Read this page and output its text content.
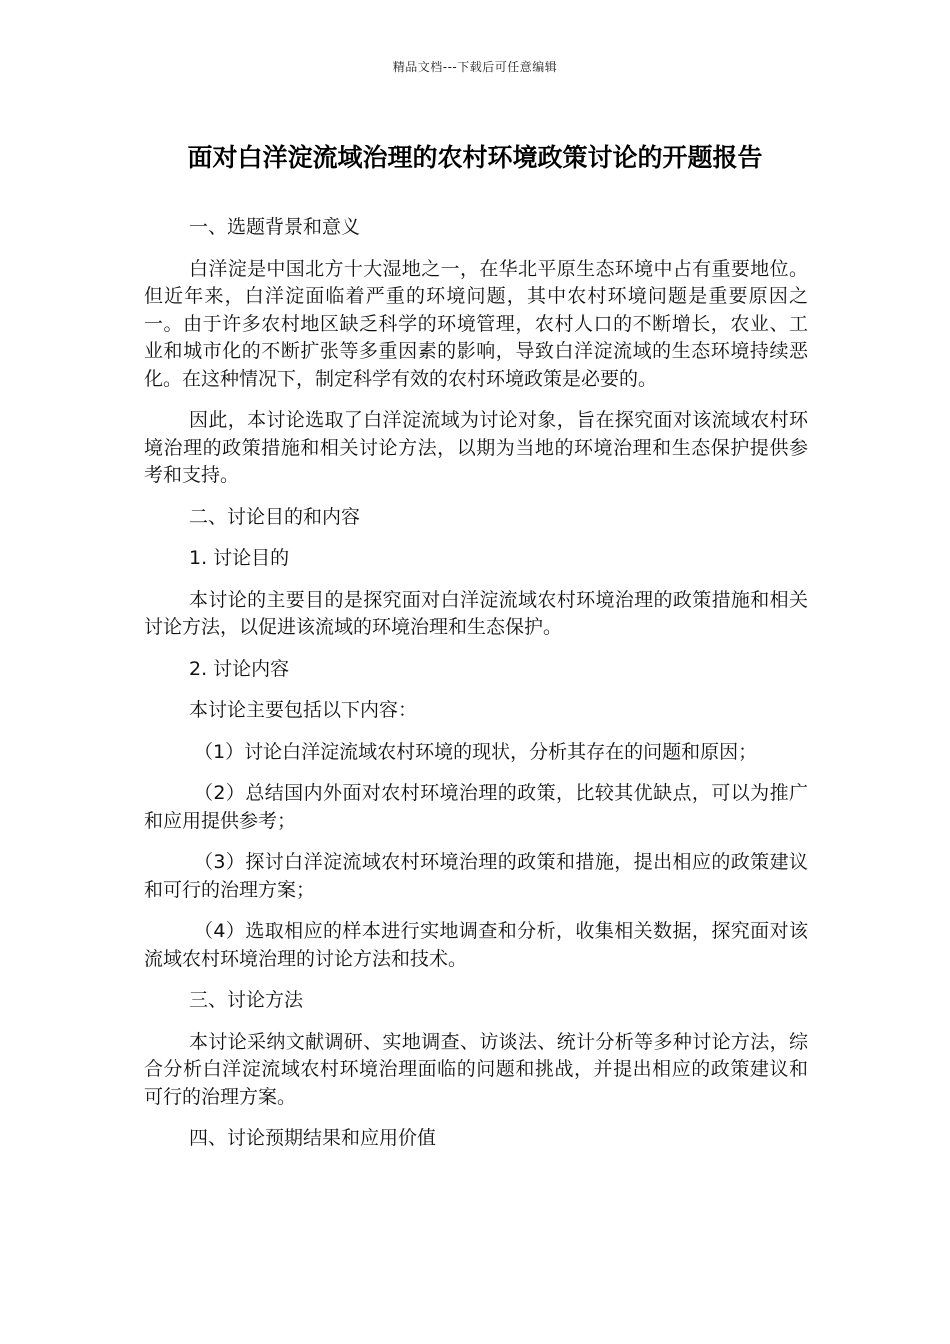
精品文档---下载后可任意编辑
面对白洋淀流域治理的农村环境政策讨论的开题报告

一、选题背景和意义

白洋淀是中国北方十大湿地之一，在华北平原生态环境中占有重要地位。但近年来，白洋淀面临着严重的环境问题，其中农村环境问题是重要原因之一。由于许多农村地区缺乏科学的环境管理，农村人口的不断增长，农业、工业和城市化的不断扩张等多重因素的影响，导致白洋淀流域的生态环境持续恶化。在这种情况下，制定科学有效的农村环境政策是必要的。

因此，本讨论选取了白洋淀流域为讨论对象，旨在探究面对该流域农村环境治理的政策措施和相关讨论方法，以期为当地的环境治理和生态保护提供参考和支持。

二、讨论目的和内容

1. 讨论目的

本讨论的主要目的是探究面对白洋淀流域农村环境治理的政策措施和相关讨论方法，以促进该流域的环境治理和生态保护。

2. 讨论内容

本讨论主要包括以下内容：

（1）讨论白洋淀流域农村环境的现状，分析其存在的问题和原因；

（2）总结国内外面对农村环境治理的政策，比较其优缺点，可以为推广和应用提供参考；

（3）探讨白洋淀流域农村环境治理的政策和措施，提出相应的政策建议和可行的治理方案；

（4）选取相应的样本进行实地调查和分析，收集相关数据，探究面对该流域农村环境治理的讨论方法和技术。

三、讨论方法

本讨论采纳文献调研、实地调查、访谈法、统计分析等多种讨论方法，综合分析白洋淀流域农村环境治理面临的问题和挑战，并提出相应的政策建议和可行的治理方案。

四、讨论预期结果和应用价值
